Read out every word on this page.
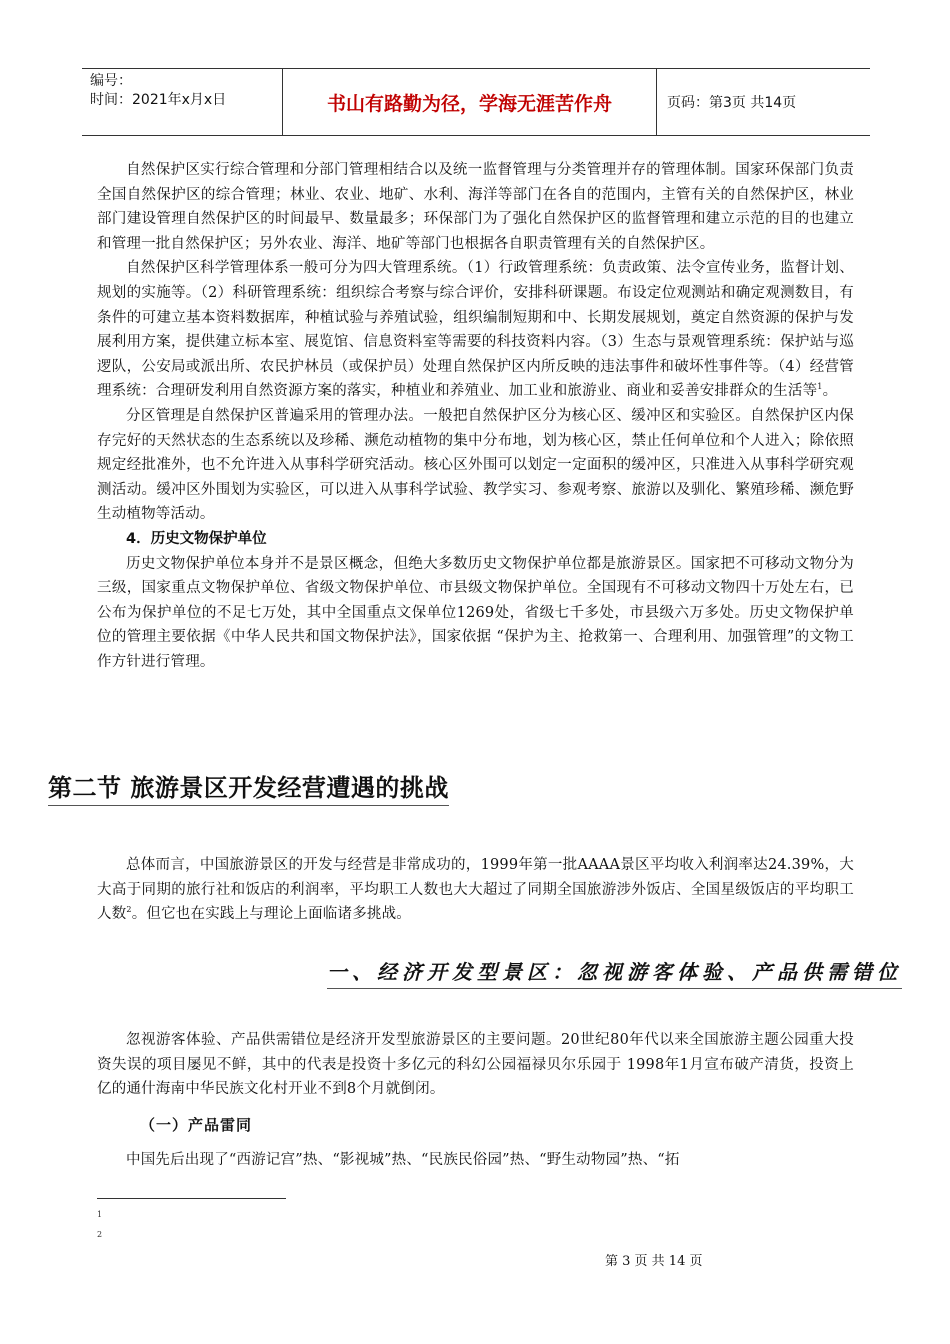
编号：
时间：2021年x月x日	书山有路勤为径，学海无涯苦作舟	页码：第3页 共14页

自然保护区实行综合管理和分部门管理相结合以及统一监督管理与分类管理并存的管理体制。国家环保部门负责全国自然保护区的综合管理；林业、农业、地矿、水利、海洋等部门在各自的范围内，主管有关的自然保护区，林业部门建设管理自然保护区的时间最早、数量最多；环保部门为了强化自然保护区的监督管理和建立示范的目的也建立和管理一批自然保护区；另外农业、海洋、地矿等部门也根据各自职责管理有关的自然保护区。

自然保护区科学管理体系一般可分为四大管理系统。（1）行政管理系统：负责政策、法令宣传业务，监督计划、规划的实施等。（2）科研管理系统：组织综合考察与综合评价，安排科研课题。布设定位观测站和确定观测数目，有条件的可建立基本资料数据库，种植试验与养殖试验，组织编制短期和中、长期发展规划，奠定自然资源的保护与发展利用方案，提供建立标本室、展览馆、信息资料室等需要的科技资料内容。（3）生态与景观管理系统：保护站与巡逻队，公安局或派出所、农民护林员（或保护员）处理自然保护区内所反映的违法事件和破坏性事件等。（4）经营管理系统：合理研发利用自然资源方案的落实，种植业和养殖业、加工业和旅游业、商业和妥善安排群众的生活等$^1$。

分区管理是自然保护区普遍采用的管理办法。一般把自然保护区分为核心区、缓冲区和实验区。自然保护区内保存完好的天然状态的生态系统以及珍稀、濒危动植物的集中分布地，划为核心区，禁止任何单位和个人进入；除依照规定经批准外，也不允许进入从事科学研究活动。核心区外围可以划定一定面积的缓冲区，只准进入从事科学研究观测活动。缓冲区外围划为实验区，可以进入从事科学试验、教学实习、参观考察、旅游以及驯化、繁殖珍稀、濒危野生动植物等活动。

4．历史文物保护单位

历史文物保护单位本身并不是景区概念，但绝大多数历史文物保护单位都是旅游景区。国家把不可移动文物分为三级，国家重点文物保护单位、省级文物保护单位、市县级文物保护单位。全国现有不可移动文物四十万处左右，已公布为保护单位的不足七万处，其中全国重点文保单位1269处，省级七千多处，市县级六万多处。历史文物保护单位的管理主要依据《中华人民共和国文物保护法》，国家依据 “保护为主、抢救第一、合理利用、加强管理”的文物工作方针进行管理。

第二节 旅游景区开发经营遭遇的挑战

总体而言，中国旅游景区的开发与经营是非常成功的，1999年第一批AAAA景区平均收入利润率达24.39%，大大高于同期的旅行社和饭店的利润率，平均职工人数也大大超过了同期全国旅游涉外饭店、全国星级饭店的平均职工人数$^2$。但它也在实践上与理论上面临诸多挑战。

一、经济开发型景区：忽视游客体验、产品供需错位

忽视游客体验、产品供需错位是经济开发型旅游景区的主要问题。20世纪80年代以来全国旅游主题公园重大投资失误的项目屡见不鲜，其中的代表是投资十多亿元的科幻公园福禄贝尔乐园于 1998年1月宣布破产清货，投资上亿的通什海南中华民族文化村开业不到8个月就倒闭。

（一）产品雷同

中国先后出现了“西游记宫”热、“影视城”热、“民族民俗园”热、“野生动物园”热、“拓

1
2
第 3 页 共 14 页
